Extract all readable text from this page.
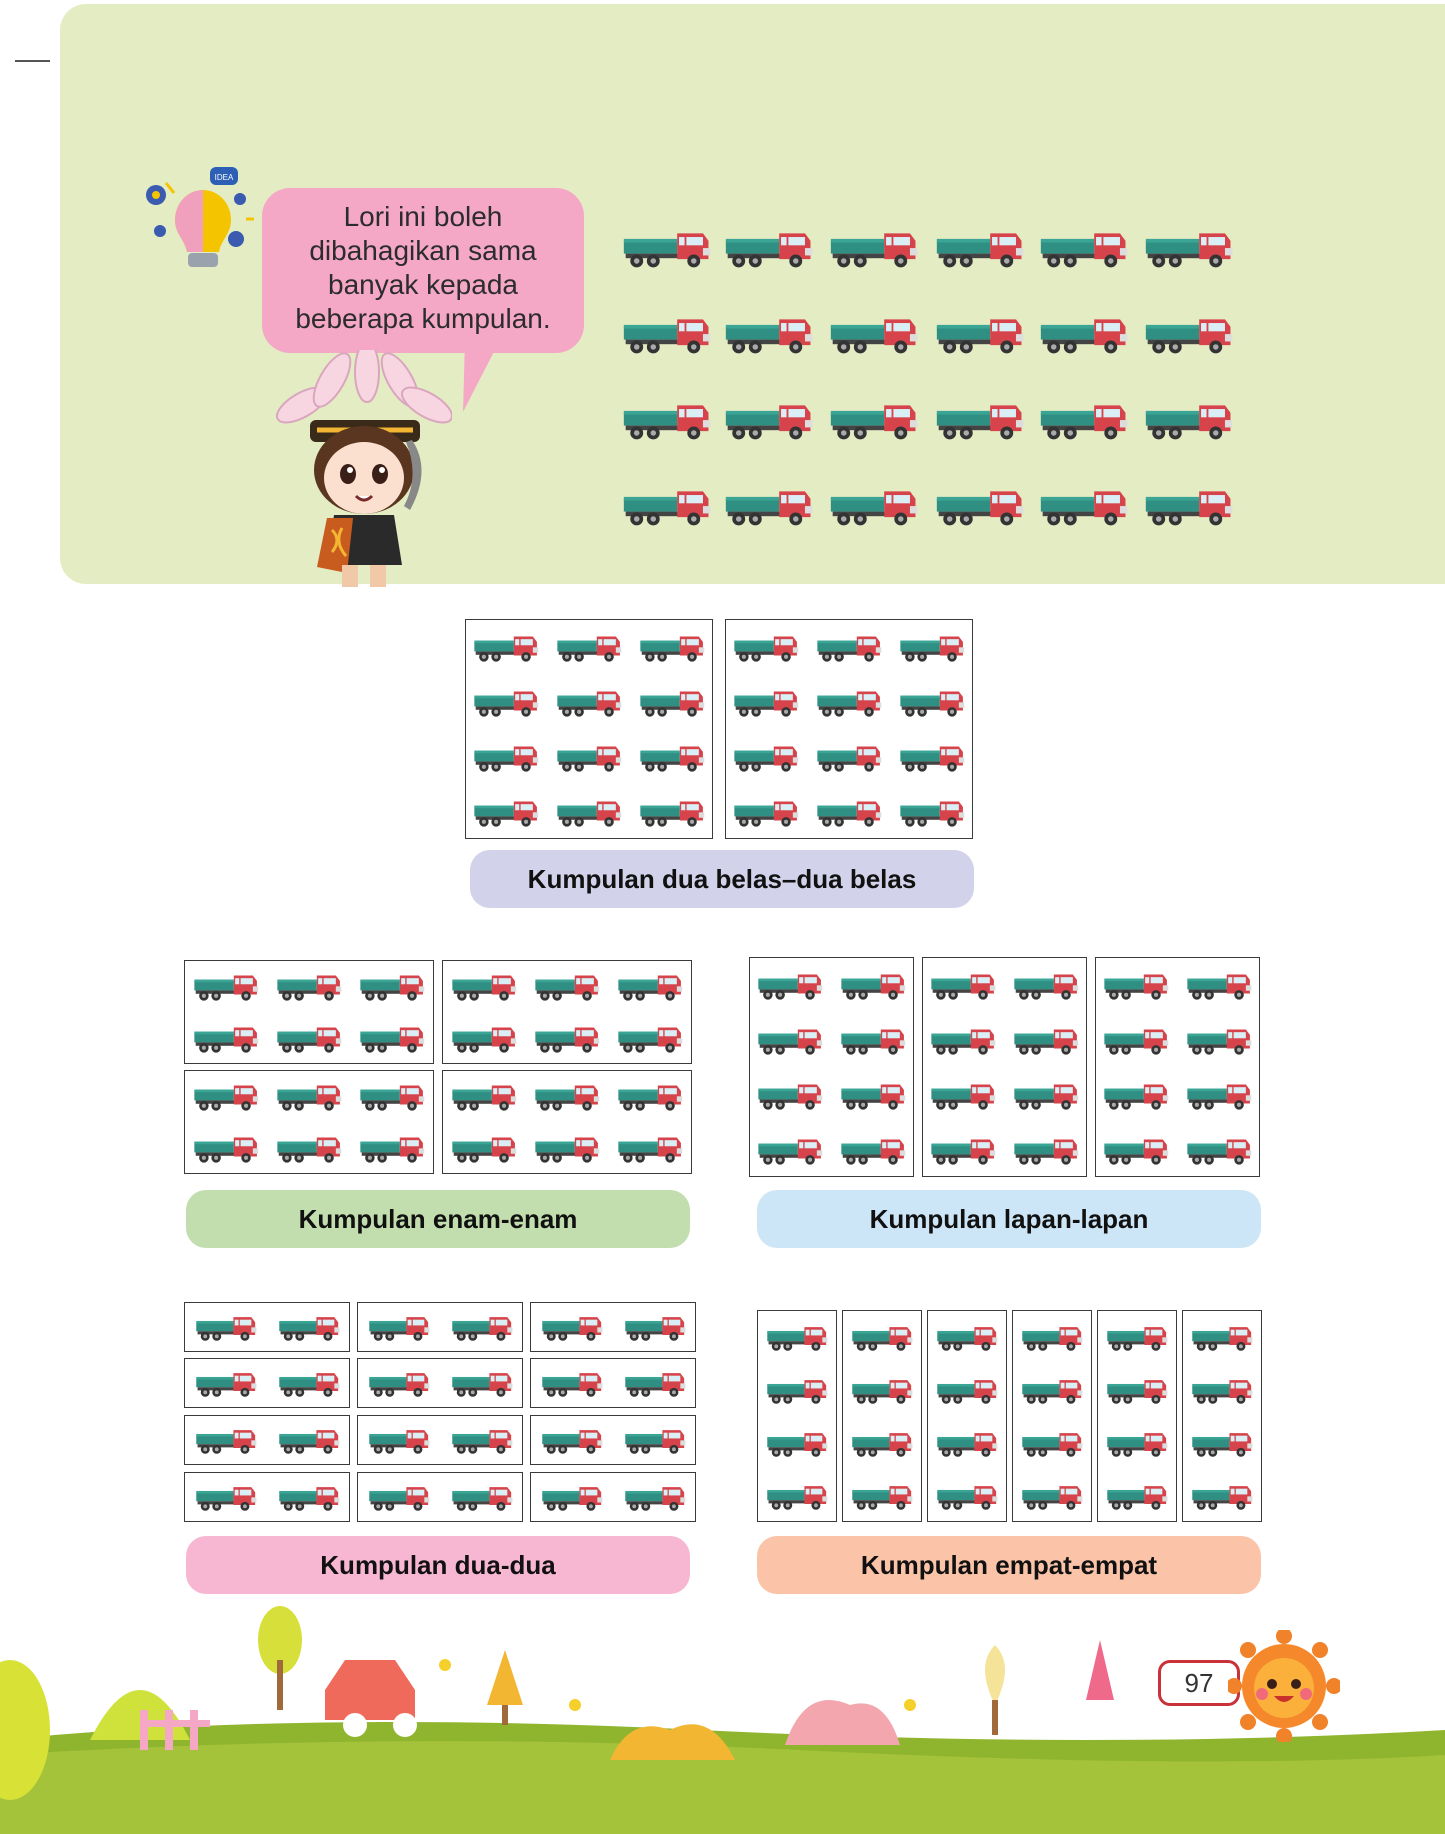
IDEA
Lori ini boleh
dibahagikan sama
banyak kepada
beberapa kumpulan.
Kumpulan dua belas–dua belas
Kumpulan enam-enam	Kumpulan lapan-lapan
Kumpulan dua-dua	Kumpulan empat-empat
97
